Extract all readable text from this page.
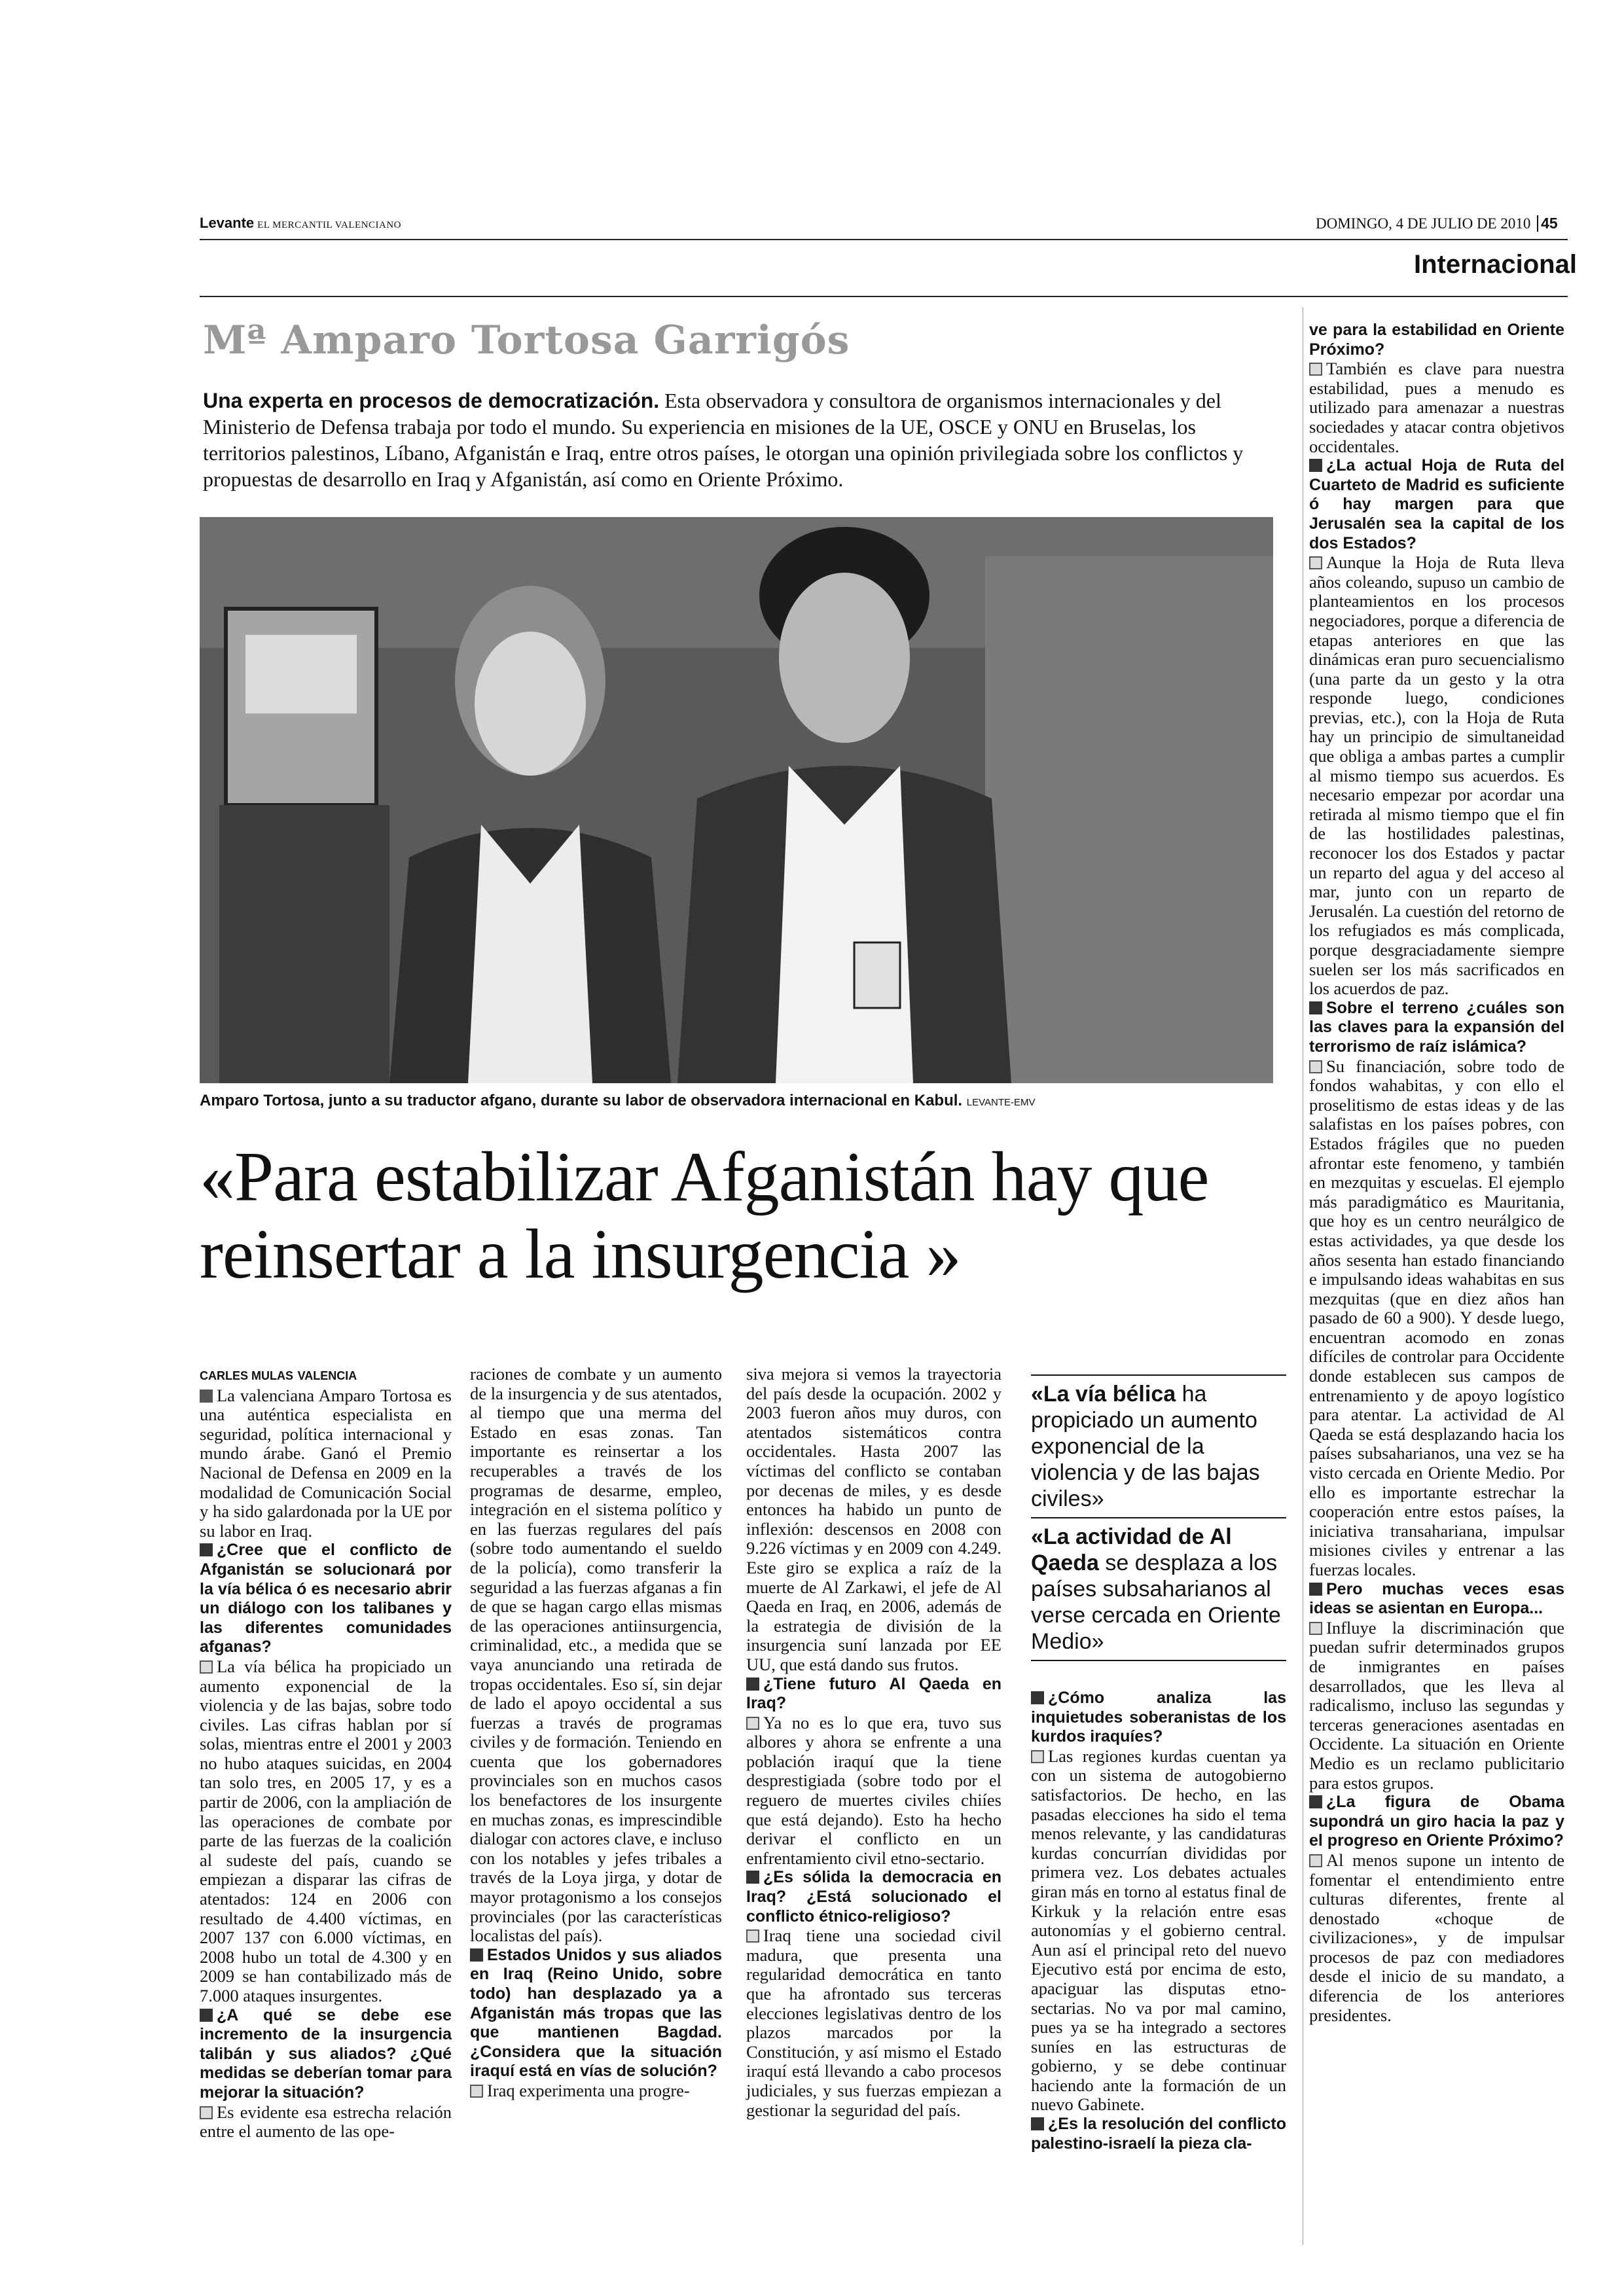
Levante EL MERCANTIL VALENCIANO	DOMINGO, 4 DE JULIO DE 2010 45
Internacional
Mª Amparo Tortosa Garrigós
Una experta en procesos de democratización. Esta observadora y consultora de organismos internacionales y del Ministerio de Defensa trabaja por todo el mundo. Su experiencia en misiones de la UE, OSCE y ONU en Bruselas, los territorios palestinos, Líbano, Afganistán e Iraq, entre otros países, le otorgan una opinión privilegiada sobre los conflictos y propuestas de desarrollo en Iraq y Afganistán, así como en Oriente Próximo.
Amparo Tortosa, junto a su traductor afgano, durante su labor de observadora internacional en Kabul. LEVANTE-EMV
«Para estabilizar Afganistán hay que reinsertar a la insurgencia »

CARLES MULAS VALENCIA

La valenciana Amparo Tortosa es una auténtica especialista en seguridad, política internacional y mundo árabe. Ganó el Premio Nacional de Defensa en 2009 en la modalidad de Comunicación Social y ha sido galardonada por la UE por su labor en Iraq.

¿Cree que el conflicto de Afganistán se solucionará por la vía bélica ó es necesario abrir un diálogo con los talibanes y las diferentes comunidades afganas?

La vía bélica ha propiciado un aumento exponencial de la violencia y de las bajas, sobre todo civiles. Las cifras hablan por sí solas, mientras entre el 2001 y 2003 no hubo ataques suicidas, en 2004 tan solo tres, en 2005 17, y es a partir de 2006, con la ampliación de las operaciones de combate por parte de las fuerzas de la coalición al sudeste del país, cuando se empiezan a disparar las cifras de atentados: 124 en 2006 con resultado de 4.400 víctimas, en 2007 137 con 6.000 víctimas, en 2008 hubo un total de 4.300 y en 2009 se han contabilizado más de 7.000 ataques insurgentes.

¿A qué se debe ese incremento de la insurgencia talibán y sus aliados? ¿Qué medidas se deberían tomar para mejorar la situación?

Es evidente esa estrecha relación entre el aumento de las ope-

raciones de combate y un aumento de la insurgencia y de sus atentados, al tiempo que una merma del Estado en esas zonas. Tan importante es reinsertar a los recuperables a través de los programas de desarme, empleo, integración en el sistema político y en las fuerzas regulares del país (sobre todo aumentando el sueldo de la policía), como transferir la seguridad a las fuerzas afganas a fin de que se hagan cargo ellas mismas de las operaciones antiinsurgencia, criminalidad, etc., a medida que se vaya anunciando una retirada de tropas occidentales. Eso sí, sin dejar de lado el apoyo occidental a sus fuerzas a través de programas civiles y de formación. Teniendo en cuenta que los gobernadores provinciales son en muchos casos los benefactores de los insurgente en muchas zonas, es imprescindible dialogar con actores clave, e incluso con los notables y jefes tribales a través de la Loya jirga, y dotar de mayor protagonismo a los consejos provinciales (por las características localistas del país).

Estados Unidos y sus aliados en Iraq (Reino Unido, sobre todo) han desplazado ya a Afganistán más tropas que las que mantienen Bagdad. ¿Considera que la situación iraquí está en vías de solución?

Iraq experimenta una progre-

siva mejora si vemos la trayectoria del país desde la ocupación. 2002 y 2003 fueron años muy duros, con atentados sistemáticos contra occidentales. Hasta 2007 las víctimas del conflicto se contaban por decenas de miles, y es desde entonces ha habido un punto de inflexión: descensos en 2008 con 9.226 víctimas y en 2009 con 4.249. Este giro se explica a raíz de la muerte de Al Zarkawi, el jefe de Al Qaeda en Iraq, en 2006, además de la estrategia de división de la insurgencia suní lanzada por EE UU, que está dando sus frutos.

¿Tiene futuro Al Qaeda en Iraq?

Ya no es lo que era, tuvo sus albores y ahora se enfrente a una población iraquí que la tiene desprestigiada (sobre todo por el reguero de muertes civiles chiíes que está dejando). Esto ha hecho derivar el conflicto en un enfrentamiento civil etno-sectario.

¿Es sólida la democracia en Iraq? ¿Está solucionado el conflicto étnico-religioso?

Iraq tiene una sociedad civil madura, que presenta una regularidad democrática en tanto que ha afrontado sus terceras elecciones legislativas dentro de los plazos marcados por la Constitución, y así mismo el Estado iraquí está llevando a cabo procesos judiciales, y sus fuerzas empiezan a gestionar la seguridad del país.

«La vía bélica ha propiciado un aumento exponencial de la violencia y de las bajas civiles»
«La actividad de Al Qaeda se desplaza a los países subsaharianos al verse cercada en Oriente Medio»

¿Cómo analiza las inquietudes soberanistas de los kurdos iraquíes?

Las regiones kurdas cuentan ya con un sistema de autogobierno satisfactorios. De hecho, en las pasadas elecciones ha sido el tema menos relevante, y las candidaturas kurdas concurrían divididas por primera vez. Los debates actuales giran más en torno al estatus final de Kirkuk y la relación entre esas autonomías y el gobierno central. Aun así el principal reto del nuevo Ejecutivo está por encima de esto, apaciguar las disputas etno-sectarias. No va por mal camino, pues ya se ha integrado a sectores suníes en las estructuras de gobierno, y se debe continuar haciendo ante la formación de un nuevo Gabinete.

¿Es la resolución del conflicto palestino-israelí la pieza cla-

ve para la estabilidad en Oriente Próximo?

También es clave para nuestra estabilidad, pues a menudo es utilizado para amenazar a nuestras sociedades y atacar contra objetivos occidentales.

¿La actual Hoja de Ruta del Cuarteto de Madrid es suficiente ó hay margen para que Jerusalén sea la capital de los dos Estados?

Aunque la Hoja de Ruta lleva años coleando, supuso un cambio de planteamientos en los procesos negociadores, porque a diferencia de etapas anteriores en que las dinámicas eran puro secuencialismo (una parte da un gesto y la otra responde luego, condiciones previas, etc.), con la Hoja de Ruta hay un principio de simultaneidad que obliga a ambas partes a cumplir al mismo tiempo sus acuerdos. Es necesario empezar por acordar una retirada al mismo tiempo que el fin de las hostilidades palestinas, reconocer los dos Estados y pactar un reparto del agua y del acceso al mar, junto con un reparto de Jerusalén. La cuestión del retorno de los refugiados es más complicada, porque desgraciadamente siempre suelen ser los más sacrificados en los acuerdos de paz.

Sobre el terreno ¿cuáles son las claves para la expansión del terrorismo de raíz islámica?

Su financiación, sobre todo de fondos wahabitas, y con ello el proselitismo de estas ideas y de las salafistas en los países pobres, con Estados frágiles que no pueden afrontar este fenomeno, y también en mezquitas y escuelas. El ejemplo más paradigmático es Mauritania, que hoy es un centro neurálgico de estas actividades, ya que desde los años sesenta han estado financiando e impulsando ideas wahabitas en sus mezquitas (que en diez años han pasado de 60 a 900). Y desde luego, encuentran acomodo en zonas difíciles de controlar para Occidente donde establecen sus campos de entrenamiento y de apoyo logístico para atentar. La actividad de Al Qaeda se está desplazando hacia los países subsaharianos, una vez se ha visto cercada en Oriente Medio. Por ello es importante estrechar la cooperación entre estos países, la iniciativa transahariana, impulsar misiones civiles y entrenar a las fuerzas locales.

Pero muchas veces esas ideas se asientan en Europa...

Influye la discriminación que puedan sufrir determinados grupos de inmigrantes en países desarrollados, que les lleva al radicalismo, incluso las segundas y terceras generaciones asentadas en Occidente. La situación en Oriente Medio es un reclamo publicitario para estos grupos.

¿La figura de Obama supondrá un giro hacia la paz y el progreso en Oriente Próximo?

Al menos supone un intento de fomentar el entendimiento entre culturas diferentes, frente al denostado «choque de civilizaciones», y de impulsar procesos de paz con mediadores desde el inicio de su mandato, a diferencia de los anteriores presidentes.
